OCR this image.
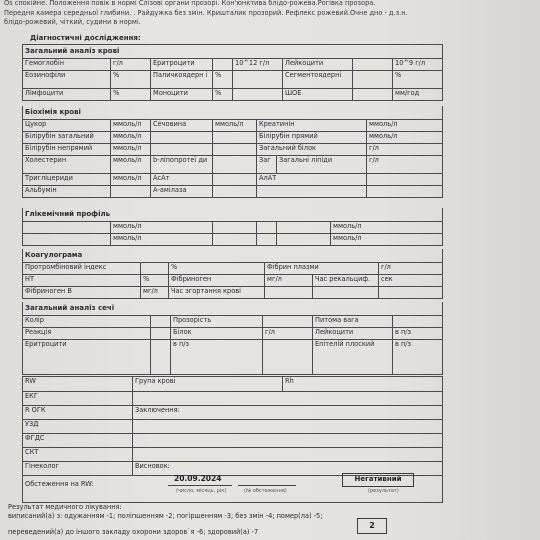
Os спокійне. Положення повік в нормі Слізові органи прозорі. Кон'юнктива блідо-рожева.Рогівка прозора.
Передня камера середньої глибини. . Райдужка без змін. Кришталик прозорий. Рефлекс рожевий.Очне дно - д.з.н.
блідо-рожевий, чіткий, судини в нормі.
Діагностичні дослідження:
Загальний аналіз крові							
Гемоглобін	г/л	Еритроцити		10^12 г/л	Лейкоцити		10^9 г/л
Еозинофіли	%	Паличкоядерн і	%		Сегментоядерні		%
Лімфоцити	%	Моноцити	%		ШОЕ		мм/год
Біохімія крові						
Цукор	ммоль/л	Сечовина	ммоль/л	Креатинін		ммоль/л
Білірубін загальний	ммоль/л			Білірубін прямий		ммоль/л
Білірубін непрямий	ммоль/л			Загальний білок		г/л
Холестерин	ммоль/л	b-ліпопротеї ди		Заг	Загальні ліпіди	г/л
Тригліцериди	ммоль/л	АсАт		АлАТ		
Альбумін		А-амілаза				
Глікемічний профіль					
	ммоль/л				ммоль/л
	ммоль/л				ммоль/л
Коагулограма					
Протромбіновий індекс		%	Фібрин плазми		г/л
НТ	%	Фібриноген	мг/л	Час рекальциф.	сек
Фібриноген В	мг/л	Час згортання крові			
Загальний аналіз сечі					
Колір		Прозорість		Питома вага	
Реакція		Білок	г/л	Лейкоцити	в п/з
Еритроцити		в п/з		Епітелій плоский	в п/з
RW	Група крові	Rh
ЕКГ		
R ОГК	Заключення:	
УЗД		
ФГДС		
СКТ		
Гінеколог	Висновок:	
Обстеження на RW:		
20.09.2024	Негативний
(число, місяць, рік)	(№ обстеження)	(результат)
Результат медичного лікування:
виписаний(а) з: одужанням -1; поліпшенням -2; погіршенням -3; без змін -4; помер(ла) -5;
переведений(а) до іншого закладу охорони здоров`я -6; здоровий(а) -7
2
